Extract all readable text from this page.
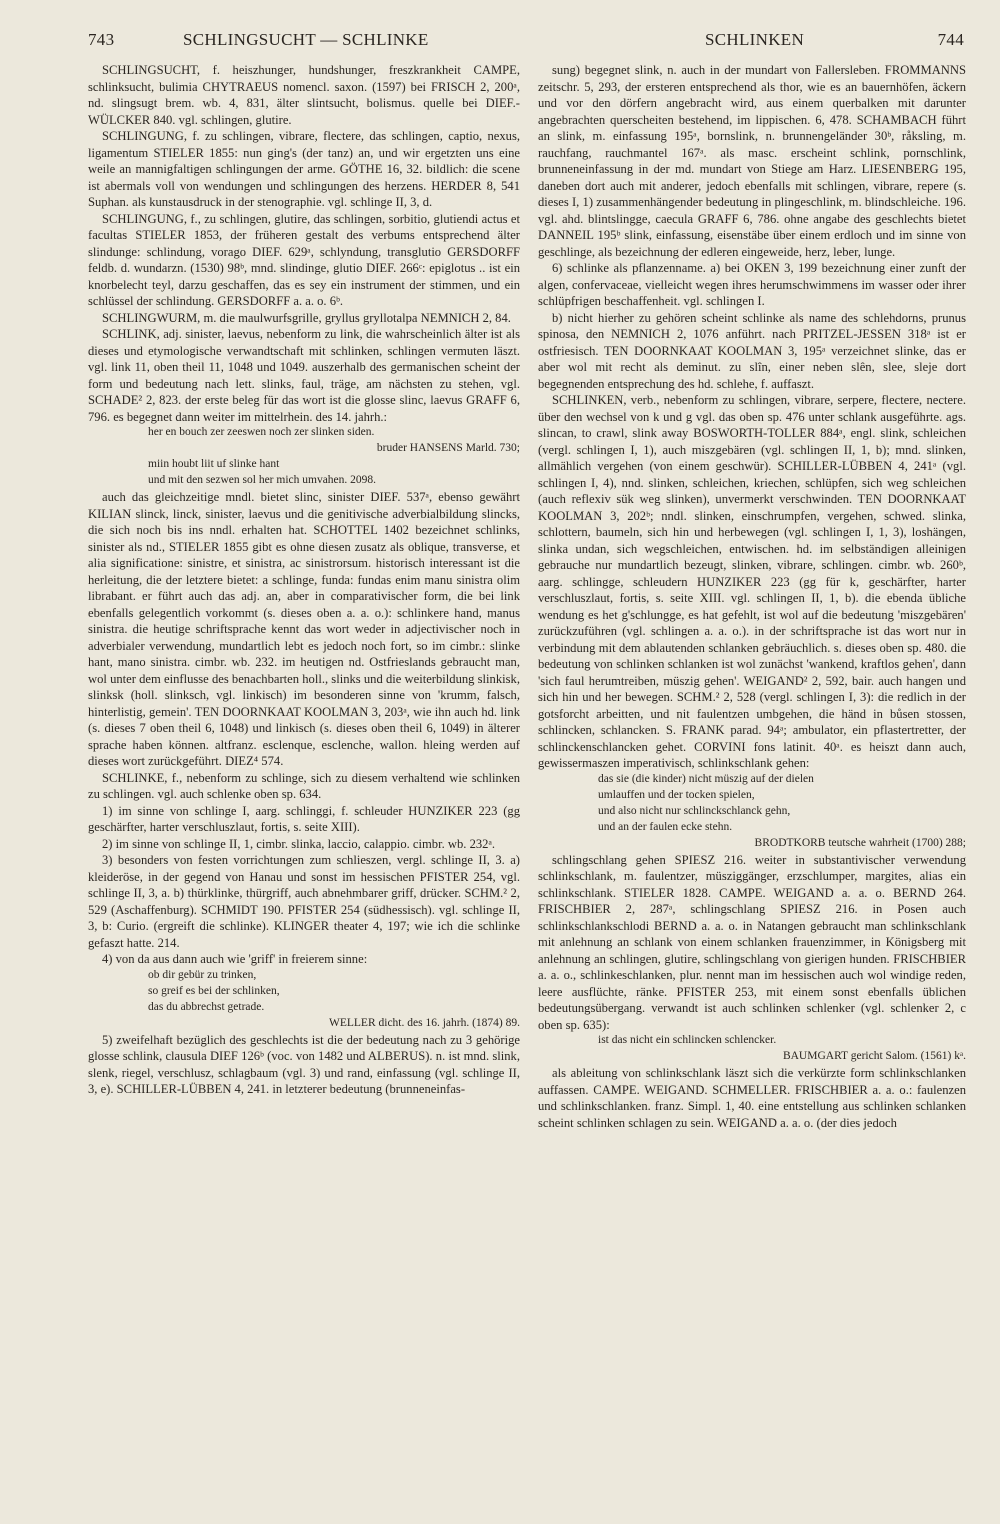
743	SCHLINGSUCHT — SCHLINKE	SCHLINKEN	744

SCHLINGSUCHT, f. heiszhunger, hundshunger, freszkrankheit CAMPE, schlinksucht, bulimia CHYTRAEUS nomencl. saxon. (1597) bei FRISCH 2, 200ᵃ, nd. slingsugt brem. wb. 4, 831, älter slintsucht, bolismus. quelle bei DIEF.-WÜLCKER 840. vgl. schlingen, glutire.

SCHLINGUNG, f. zu schlingen, vibrare, flectere, das schlingen, captio, nexus, ligamentum STIELER 1855: nun ging's (der tanz) an, und wir ergetzten uns eine weile an mannigfaltigen schlingungen der arme. GÖTHE 16, 32. bildlich: die scene ist abermals voll von wendungen und schlingungen des herzens. HERDER 8, 541 Suphan. als kunstausdruck in der stenographie. vgl. schlinge II, 3, d.

SCHLINGUNG, f., zu schlingen, glutire, das schlingen, sorbitio, glutiendi actus et facultas STIELER 1853, der früheren gestalt des verbums entsprechend älter slindunge: schlindung, vorago DIEF. 629ᵃ, schlyndung, transglutio GERSDORFF feldb. d. wundarzn. (1530) 98ᵇ, mnd. slindinge, glutio DIEF. 266ᶜ: epiglotus .. ist ein knorbelecht teyl, darzu geschaffen, das es sey ein instrument der stimmen, und ein schlüssel der schlindung. GERSDORFF a. a. o. 6ᵇ.

SCHLINGWURM, m. die maulwurfsgrille, gryllus gryllotalpa NEMNICH 2, 84.

SCHLINK, adj. sinister, laevus, nebenform zu link, die wahrscheinlich älter ist als dieses und etymologische verwandtschaft mit schlinken, schlingen vermuten läszt. vgl. link 11, oben theil 11, 1048 und 1049. auszerhalb des germanischen scheint der form und bedeutung nach lett. slinks, faul, träge, am nächsten zu stehen, vgl. SCHADE² 2, 823. der erste beleg für das wort ist die glosse slinc, laevus GRAFF 6, 796. es begegnet dann weiter im mittelrhein. des 14. jahrh.:

her en bouch zer zeeswen noch zer slinken siden.

bruder HANSENS Marld. 730;

miin houbt liit uf slinke hant

und mit den sezwen sol her mich umvahen. 2098.

auch das gleichzeitige mndl. bietet slinc, sinister DIEF. 537ᵃ, ebenso gewährt KILIAN slinck, linck, sinister, laevus und die genitivische adverbialbildung slincks, die sich noch bis ins nndl. erhalten hat. SCHOTTEL 1402 bezeichnet schlinks, sinister als nd., STIELER 1855 gibt es ohne diesen zusatz als oblique, transverse, et alia significatione: sinistre, et sinistra, ac sinistrorsum. historisch interessant ist die herleitung, die der letztere bietet: a schlinge, funda: fundas enim manu sinistra olim librabant. er führt auch das adj. an, aber in comparativischer form, die bei link ebenfalls gelegentlich vorkommt (s. dieses oben a. a. o.): schlinkere hand, manus sinistra. die heutige schriftsprache kennt das wort weder in adjectivischer noch in adverbialer verwendung, mundartlich lebt es jedoch noch fort, so im cimbr.: slinke hant, mano sinistra. cimbr. wb. 232. im heutigen nd. Ostfrieslands gebraucht man, wol unter dem einflusse des benachbarten holl., slinks und die weiterbildung slinkisk, slinksk (holl. slinksch, vgl. linkisch) im besonderen sinne von 'krumm, falsch, hinterlistig, gemein'. TEN DOORNKAAT KOOLMAN 3, 203ᵃ, wie ihn auch hd. link (s. dieses 7 oben theil 6, 1048) und linkisch (s. dieses oben theil 6, 1049) in älterer sprache haben können. altfranz. esclenque, esclenche, wallon. hleing werden auf dieses wort zurückgeführt. DIEZ⁴ 574.

SCHLINKE, f., nebenform zu schlinge, sich zu diesem verhaltend wie schlinken zu schlingen. vgl. auch schlenke oben sp. 634.

1) im sinne von schlinge I, aarg. schlinggi, f. schleuder HUNZIKER 223 (gg geschärfter, harter verschluszlaut, fortis, s. seite XIII).

2) im sinne von schlinge II, 1, cimbr. slinka, laccio, calappio. cimbr. wb. 232ᵃ.

3) besonders von festen vorrichtungen zum schlieszen, vergl. schlinge II, 3. a) kleideröse, in der gegend von Hanau und sonst im hessischen PFISTER 254, vgl. schlinge II, 3, a. b) thürklinke, thürgriff, auch abnehmbarer griff, drücker. SCHM.² 2, 529 (Aschaffenburg). SCHMIDT 190. PFISTER 254 (südhessisch). vgl. schlinge II, 3, b: Curio. (ergreift die schlinke). KLINGER theater 4, 197; wie ich die schlinke gefaszt hatte. 214.

4) von da aus dann auch wie 'griff' in freierem sinne:

ob dir gebür zu trinken,

so greif es bei der schlinken,

das du abbrechst getrade.

WELLER dicht. des 16. jahrh. (1874) 89.

5) zweifelhaft bezüglich des geschlechts ist die der bedeutung nach zu 3 gehörige glosse schlink, clausula DIEF 126ᵇ (voc. von 1482 und ALBERUS). n. ist mnd. slink, slenk, riegel, verschlusz, schlagbaum (vgl. 3) und rand, einfassung (vgl. schlinge II, 3, e). SCHILLER-LÜBBEN 4, 241. in letzterer bedeutung (brunneneinfas-

sung) begegnet slink, n. auch in der mundart von Fallersleben. FROMMANNS zeitschr. 5, 293, der ersteren entsprechend als thor, wie es an bauernhöfen, äckern und vor den dörfern angebracht wird, aus einem querbalken mit darunter angebrachten querscheiten bestehend, im lippischen. 6, 478. SCHAMBACH führt an slink, m. einfassung 195ᵃ, bornslink, n. brunnengeländer 30ᵇ, råksling, m. rauchfang, rauchmantel 167ᵃ. als masc. erscheint schlink, pornschlink, brunneneinfassung in der md. mundart von Stiege am Harz. LIESENBERG 195, daneben dort auch mit anderer, jedoch ebenfalls mit schlingen, vibrare, repere (s. dieses I, 1) zusammenhängender bedeutung in plingeschlink, m. blindschleiche. 196. vgl. ahd. blintslingge, caecula GRAFF 6, 786. ohne angabe des geschlechts bietet DANNEIL 195ᵇ slink, einfassung, eisenstäbe über einem erdloch und im sinne von geschlinge, als bezeichnung der edleren eingeweide, herz, leber, lunge.

6) schlinke als pflanzenname. a) bei OKEN 3, 199 bezeichnung einer zunft der algen, confervaceae, vielleicht wegen ihres herumschwimmens im wasser oder ihrer schlüpfrigen beschaffenheit. vgl. schlingen I.

b) nicht hierher zu gehören scheint schlinke als name des schlehdorns, prunus spinosa, den NEMNICH 2, 1076 anführt. nach PRITZEL-JESSEN 318ᵃ ist er ostfriesisch. TEN DOORNKAAT KOOLMAN 3, 195ᵃ verzeichnet slinke, das er aber wol mit recht als deminut. zu slîn, einer neben slên, slee, sleje dort begegnenden entsprechung des hd. schlehe, f. auffaszt.

SCHLINKEN, verb., nebenform zu schlingen, vibrare, serpere, flectere, nectere. über den wechsel von k und g vgl. das oben sp. 476 unter schlank ausgeführte. ags. slincan, to crawl, slink away BOSWORTH-TOLLER 884ᵃ, engl. slink, schleichen (vergl. schlingen I, 1), auch miszgebären (vgl. schlingen II, 1, b); mnd. slinken, allmählich vergehen (von einem geschwür). SCHILLER-LÜBBEN 4, 241ᵃ (vgl. schlingen I, 4), nnd. slinken, schleichen, kriechen, schlüpfen, sich weg schleichen (auch reflexiv sük weg slinken), unvermerkt verschwinden. TEN DOORNKAAT KOOLMAN 3, 202ᵇ; nndl. slinken, einschrumpfen, vergehen, schwed. slinka, schlottern, baumeln, sich hin und herbewegen (vgl. schlingen I, 1, 3), loshängen, slinka undan, sich wegschleichen, entwischen. hd. im selbständigen alleinigen gebrauche nur mundartlich bezeugt, slinken, vibrare, schlingen. cimbr. wb. 260ᵇ, aarg. schlingge, schleudern HUNZIKER 223 (gg für k, geschärfter, harter verschluszlaut, fortis, s. seite XIII. vgl. schlingen II, 1, b). die ebenda übliche wendung es het g'schlungge, es hat gefehlt, ist wol auf die bedeutung 'miszgebären' zurückzuführen (vgl. schlingen a. a. o.). in der schriftsprache ist das wort nur in verbindung mit dem ablautenden schlanken gebräuchlich. s. dieses oben sp. 480. die bedeutung von schlinken schlanken ist wol zunächst 'wankend, kraftlos gehen', dann 'sich faul herumtreiben, müszig gehen'. WEIGAND² 2, 592, bair. auch hangen und sich hin und her bewegen. SCHM.² 2, 528 (vergl. schlingen I, 3): die redlich in der gotsforcht arbeitten, und nit faulentzen umbgehen, die händ in bůsen stossen, schlincken, schlancken. S. FRANK parad. 94ᵃ; ambulator, ein pflastertretter, der schlinckenschlancken gehet. CORVINI fons latinit. 40ᵃ. es heiszt dann auch, gewissermaszen imperativisch, schlinkschlank gehen:

das sie (die kinder) nicht müszig auf der dielen

umlauffen und der tocken spielen,

und also nicht nur schlinckschlanck gehn,

und an der faulen ecke stehn.

BRODTKORB teutsche wahrheit (1700) 288;

schlingschlang gehen SPIESZ 216. weiter in substantivischer verwendung schlinkschlank, m. faulentzer, müsziggänger, erzschlumper, margites, alias ein schlinkschlank. STIELER 1828. CAMPE. WEIGAND a. a. o. BERND 264. FRISCHBIER 2, 287ᵃ, schlingschlang SPIESZ 216. in Posen auch schlinkschlankschlodi BERND a. a. o. in Natangen gebraucht man schlinkschlank mit anlehnung an schlank von einem schlanken frauenzimmer, in Königsberg mit anlehnung an schlingen, glutire, schlingschlang von gierigen hunden. FRISCHBIER a. a. o., schlinkeschlanken, plur. nennt man im hessischen auch wol windige reden, leere ausflüchte, ränke. PFISTER 253, mit einem sonst ebenfalls üblichen bedeutungsübergang. verwandt ist auch schlinken schlenker (vgl. schlenker 2, c oben sp. 635):

ist das nicht ein schlincken schlencker.

BAUMGART gericht Salom. (1561) kᵃ.

als ableitung von schlinkschlank läszt sich die verkürzte form schlinkschlanken auffassen. CAMPE. WEIGAND. SCHMELLER. FRISCHBIER a. a. o.: faulenzen und schlinkschlanken. franz. Simpl. 1, 40. eine entstellung aus schlinken schlanken scheint schlinken schlagen zu sein. WEIGAND a. a. o. (der dies jedoch
